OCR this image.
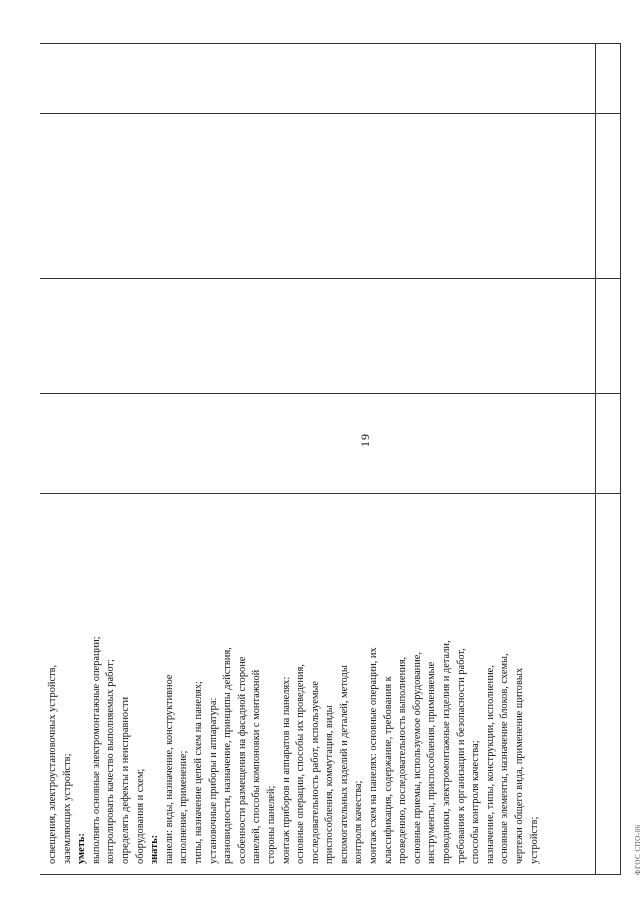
освещения, электроустановочных устройств, заземляющих устройств; уметь: выполнять основные электромонтажные операции; контролировать качество выполняемых работ; определять дефекты и неисправности оборудования и схем; знать: панели: виды, назначение, конструктивное исполнение, применение; типы, назначение цепей схем на панелях; установочные приборы и аппаратура: разновидности, назначение, принципы действия, особенности размещения на фасадной стороне панелей, способы компоновки с монтажной стороны панелей; монтаж приборов и аппаратов на панелях: основные операции, способы их проведения, последовательность работ, используемые приспособления, коммутация, виды вспомогательных изделий и деталей, методы контроля качества; монтаж схем на панелях: основные операции, их классификация, содержание, требования к проведению, последовательность выполнения, основные приемы, используемое оборудование, инструменты, приспособления, применяемые проводники, электромонтажные изделия и детали, требования к организации и безопасности работ, способы контроля качества; назначение, типы, конструкции, исполнение, основные элементы, назначение блоков, схемы, чертежи общего вида, применение щитовых устройств;
19
ФГОС СПО-06
